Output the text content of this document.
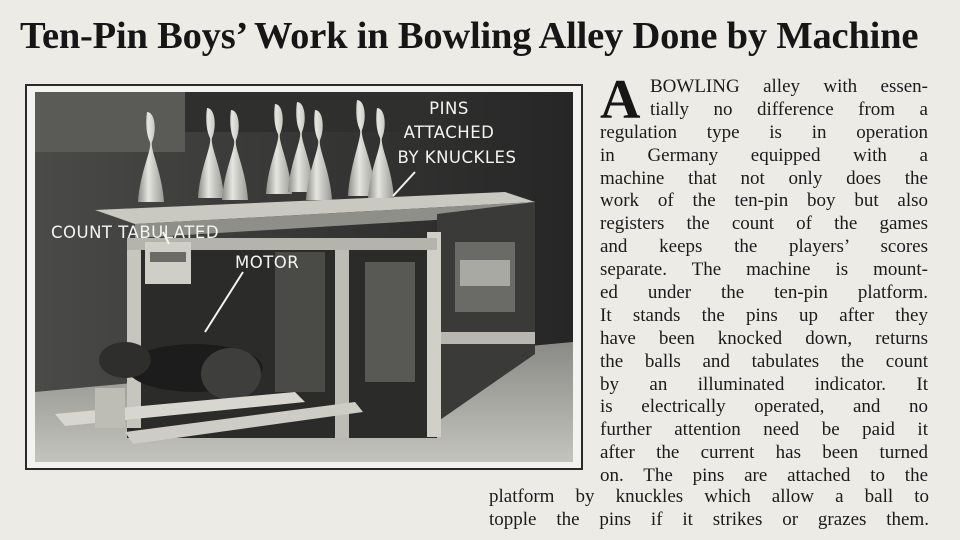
Ten-Pin Boys’ Work in Bowling Alley Done by Machine
PINS
ATTACHED
BY KNUCKLES
COUNT TABULATED
MOTOR
A BOWLING alley with essen-
tially no difference from a
regulation type is in operation
in Germany equipped with a
machine that not only does the
work of the ten-pin boy but also
registers the count of the games
and keeps the players’ scores
separate. The machine is mount-
ed under the ten-pin platform.
It stands the pins up after they
have been knocked down, returns
the balls and tabulates the count
by an illuminated indicator. It
is electrically operated, and no
further attention need be paid it
after the current has been turned
on. The pins are attached to the
platform by knuckles which allow a ball to
topple the pins if it strikes or grazes them.
